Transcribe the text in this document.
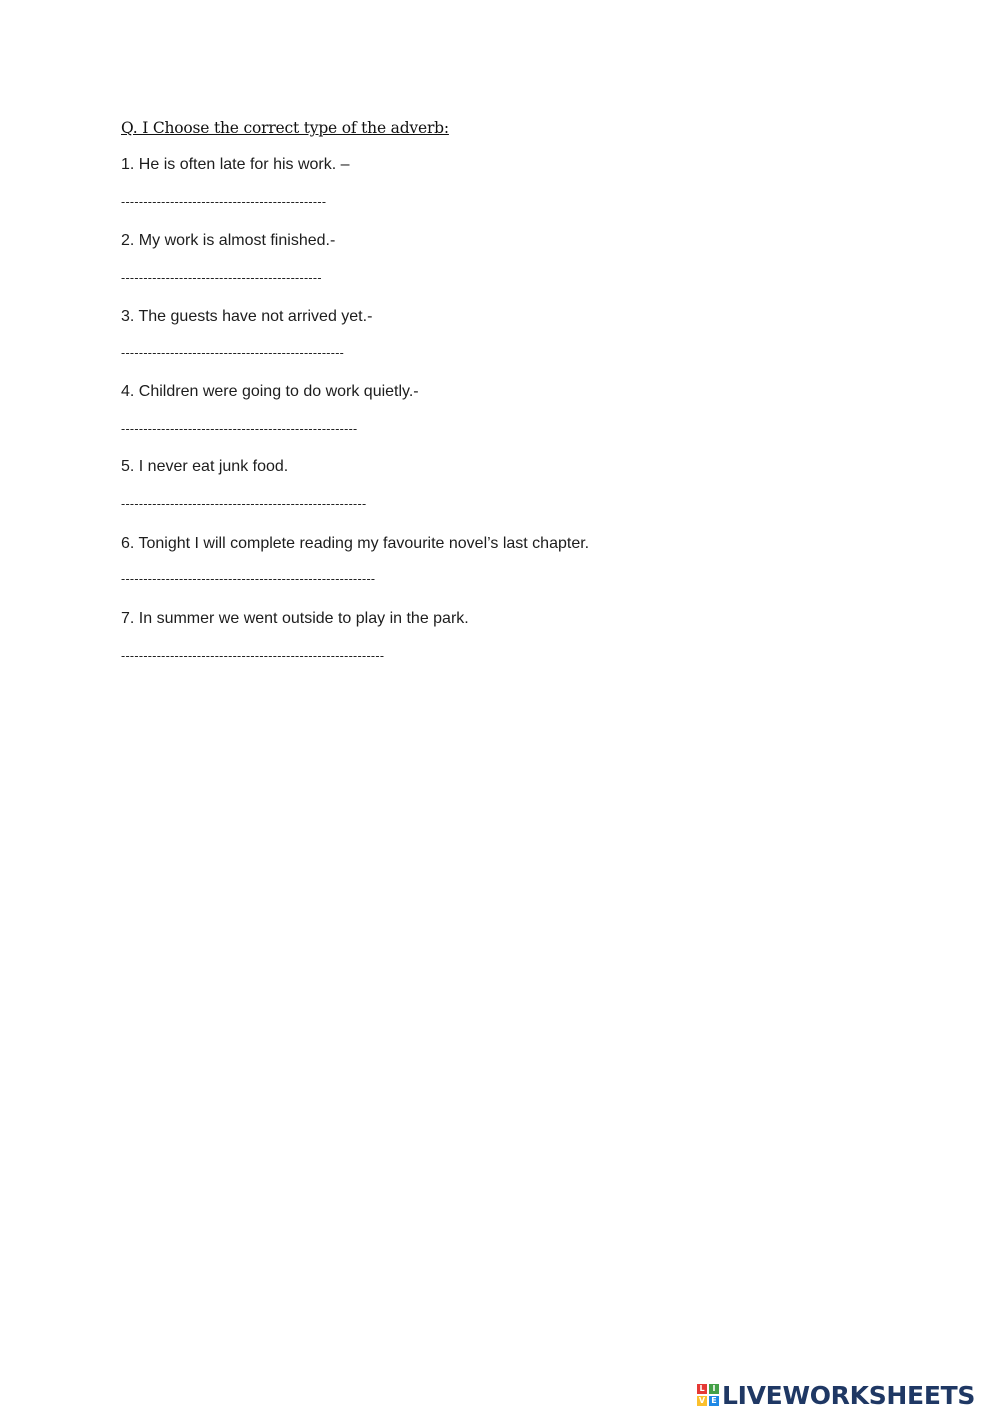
Q. I Choose the correct type of the adverb:
1. He is often late for his work. –
----------------------------------------------
2. My work is almost finished.-
---------------------------------------------
3. The guests have not arrived yet.-
--------------------------------------------------
4. Children were going to do work quietly.-
-----------------------------------------------------
5. I never eat junk food.
-------------------------------------------------------
6. Tonight I will complete reading my favourite novel’s last chapter.
---------------------------------------------------------
7. In summer we went outside to play in the park.
-----------------------------------------------------------
L I
V E LIVEWORKSHEETS
